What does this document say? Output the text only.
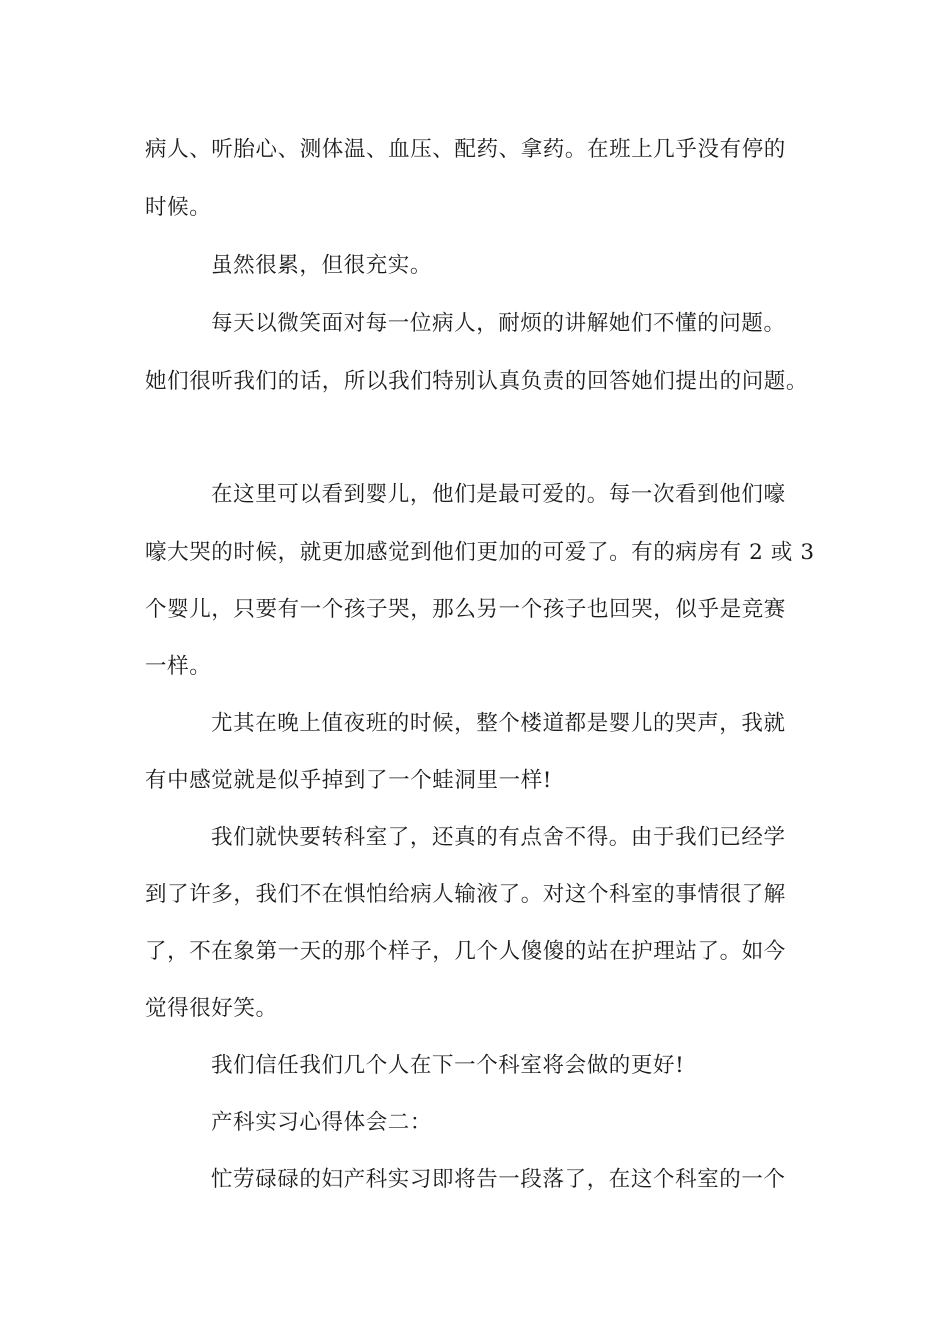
病人、听胎心、测体温、血压、配药、拿药。在班上几乎没有停的
时候。
虽然很累，但很充实。
每天以微笑面对每一位病人，耐烦的讲解她们不懂的问题。
她们很听我们的话，所以我们特别认真负责的回答她们提出的问题。
在这里可以看到婴儿，他们是最可爱的。每一次看到他们嚎
嚎大哭的时候，就更加感觉到他们更加的可爱了。有的病房有 2 或 3
个婴儿，只要有一个孩子哭，那么另一个孩子也回哭，似乎是竞赛
一样。
尤其在晚上值夜班的时候，整个楼道都是婴儿的哭声，我就
有中感觉就是似乎掉到了一个蛙洞里一样!
我们就快要转科室了，还真的有点舍不得。由于我们已经学
到了许多，我们不在惧怕给病人输液了。对这个科室的事情很了解
了，不在象第一天的那个样子，几个人傻傻的站在护理站了。如今
觉得很好笑。
我们信任我们几个人在下一个科室将会做的更好!
产科实习心得体会二：
忙劳碌碌的妇产科实习即将告一段落了，在这个科室的一个
